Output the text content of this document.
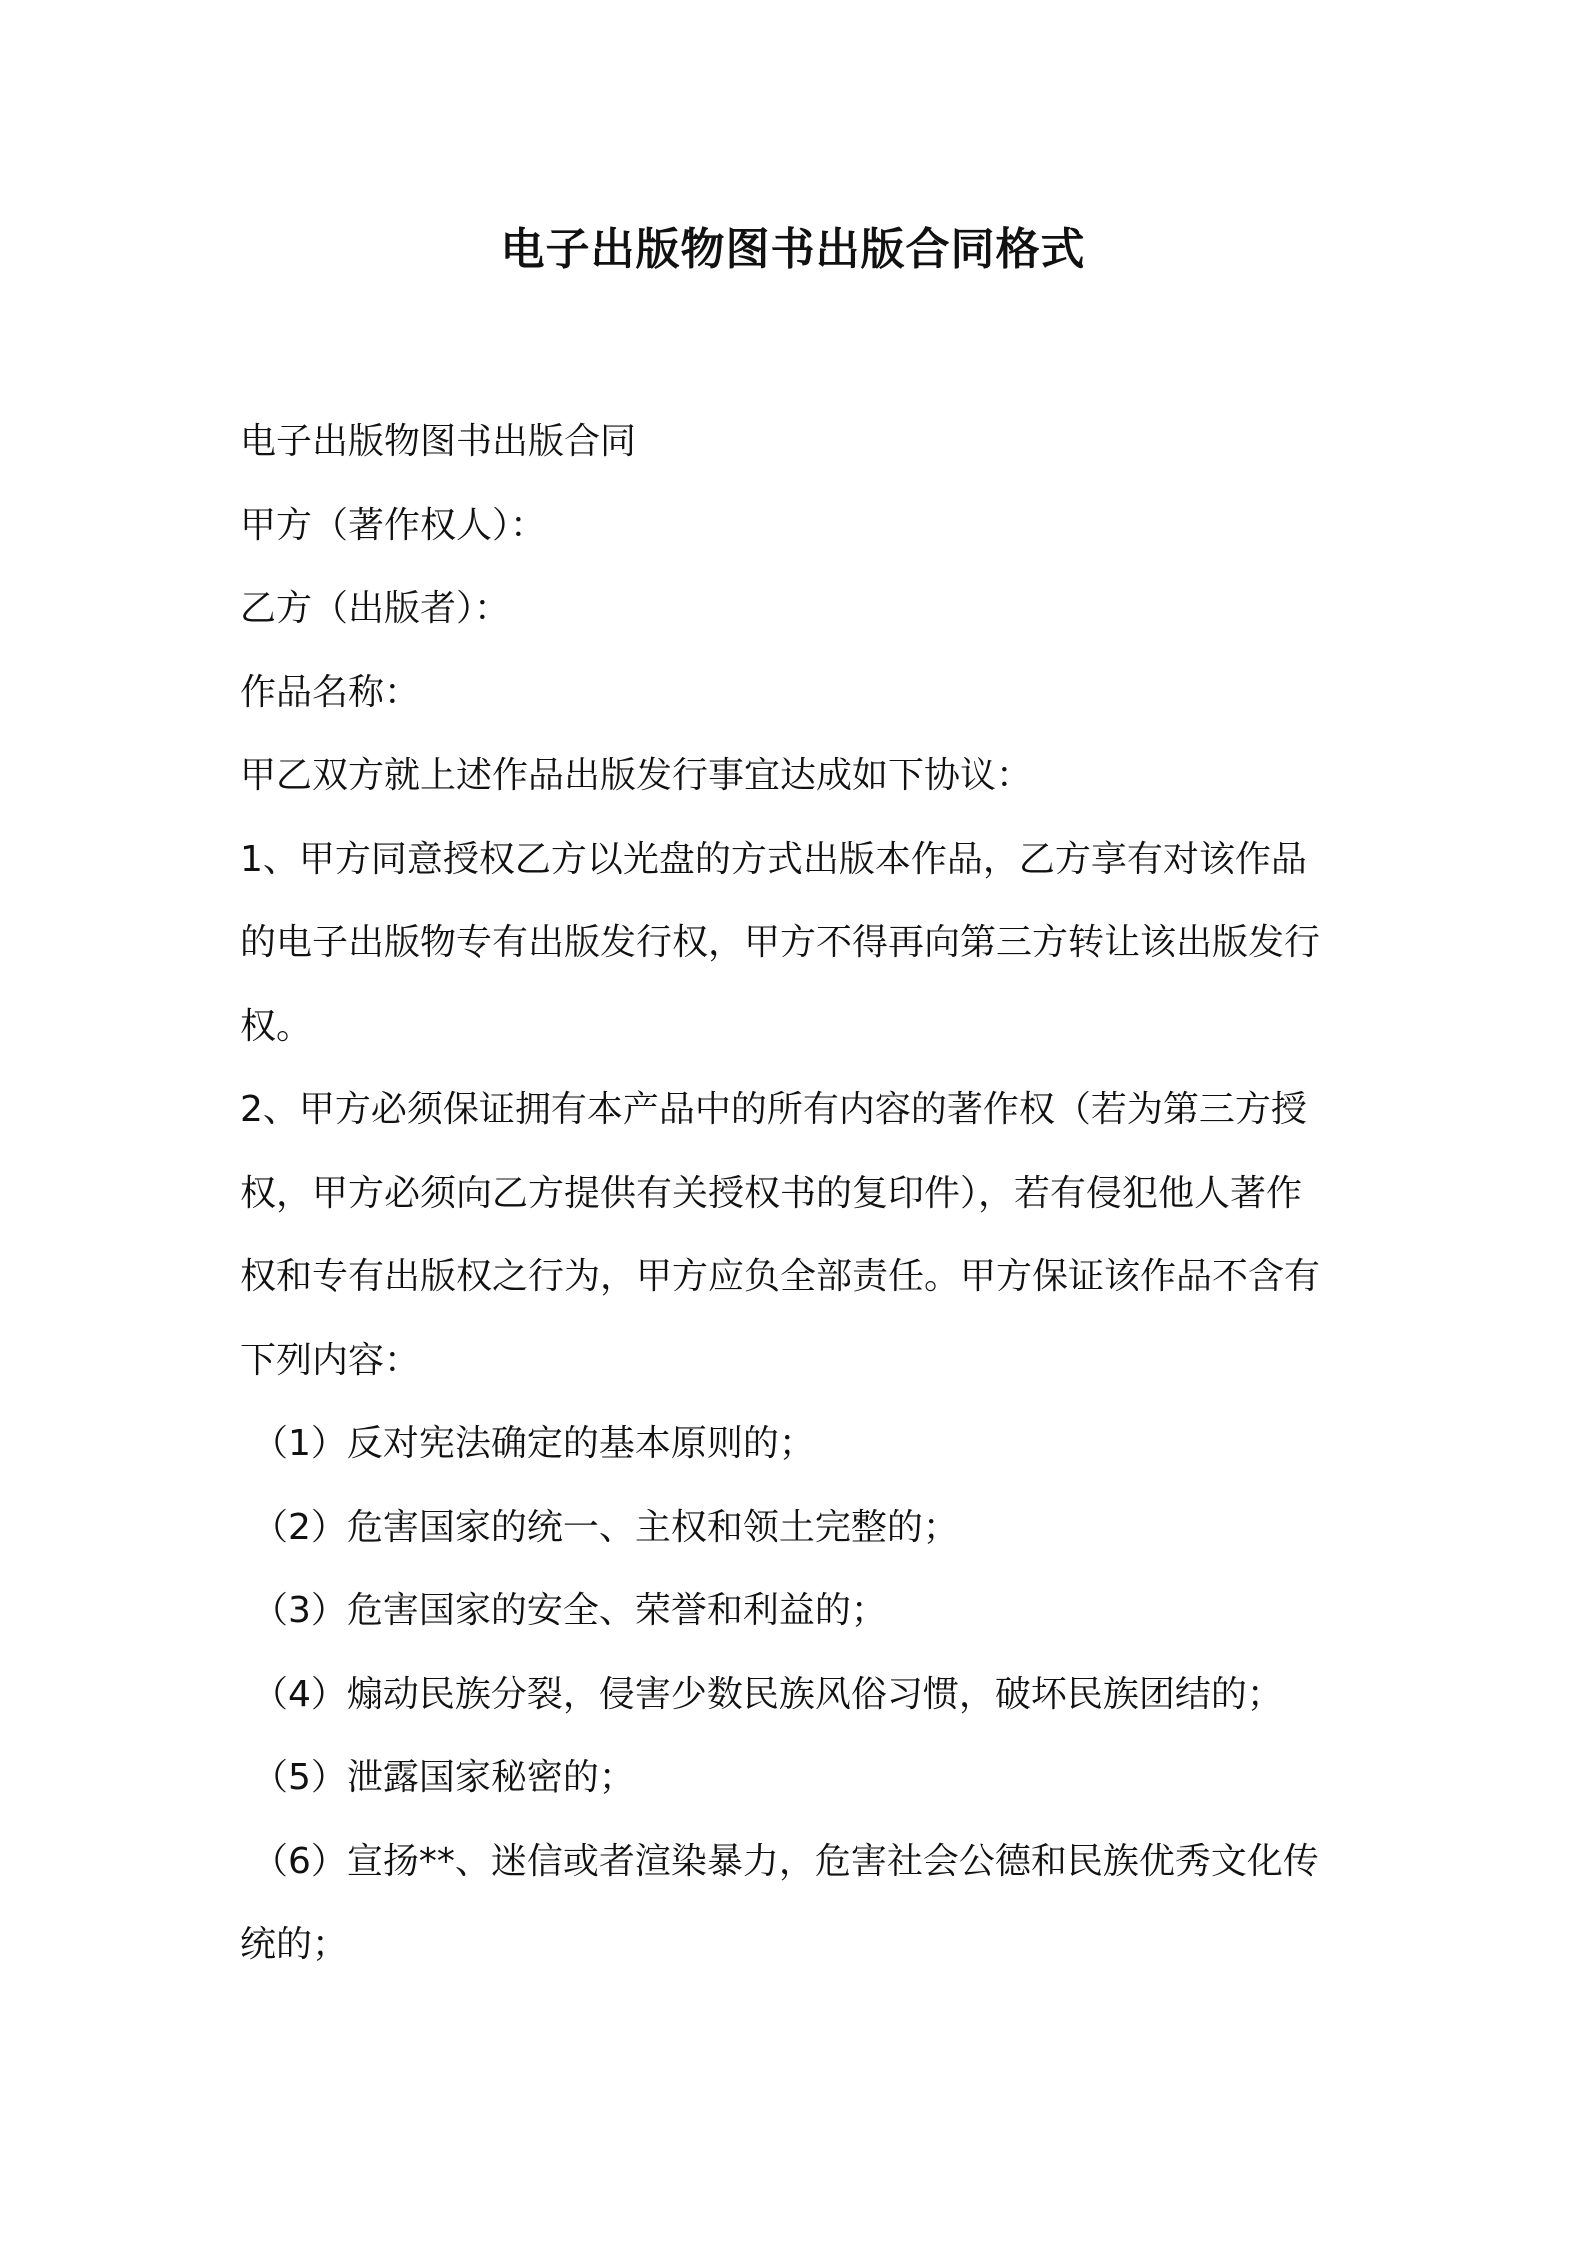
电子出版物图书出版合同格式
电子出版物图书出版合同
甲方（著作权人）：
乙方（出版者）：
作品名称：
甲乙双方就上述作品出版发行事宜达成如下协议：
1、甲方同意授权乙方以光盘的方式出版本作品，乙方享有对该作品
的电子出版物专有出版发行权，甲方不得再向第三方转让该出版发行
权。
2、甲方必须保证拥有本产品中的所有内容的著作权（若为第三方授
权，甲方必须向乙方提供有关授权书的复印件），若有侵犯他人著作
权和专有出版权之行为，甲方应负全部责任。甲方保证该作品不含有
下列内容：
（1）反对宪法确定的基本原则的；
（2）危害国家的统一、主权和领土完整的；
（3）危害国家的安全、荣誉和利益的；
（4）煽动民族分裂，侵害少数民族风俗习惯，破坏民族团结的；
（5）泄露国家秘密的；
（6）宣扬**、迷信或者渲染暴力，危害社会公德和民族优秀文化传
统的；
